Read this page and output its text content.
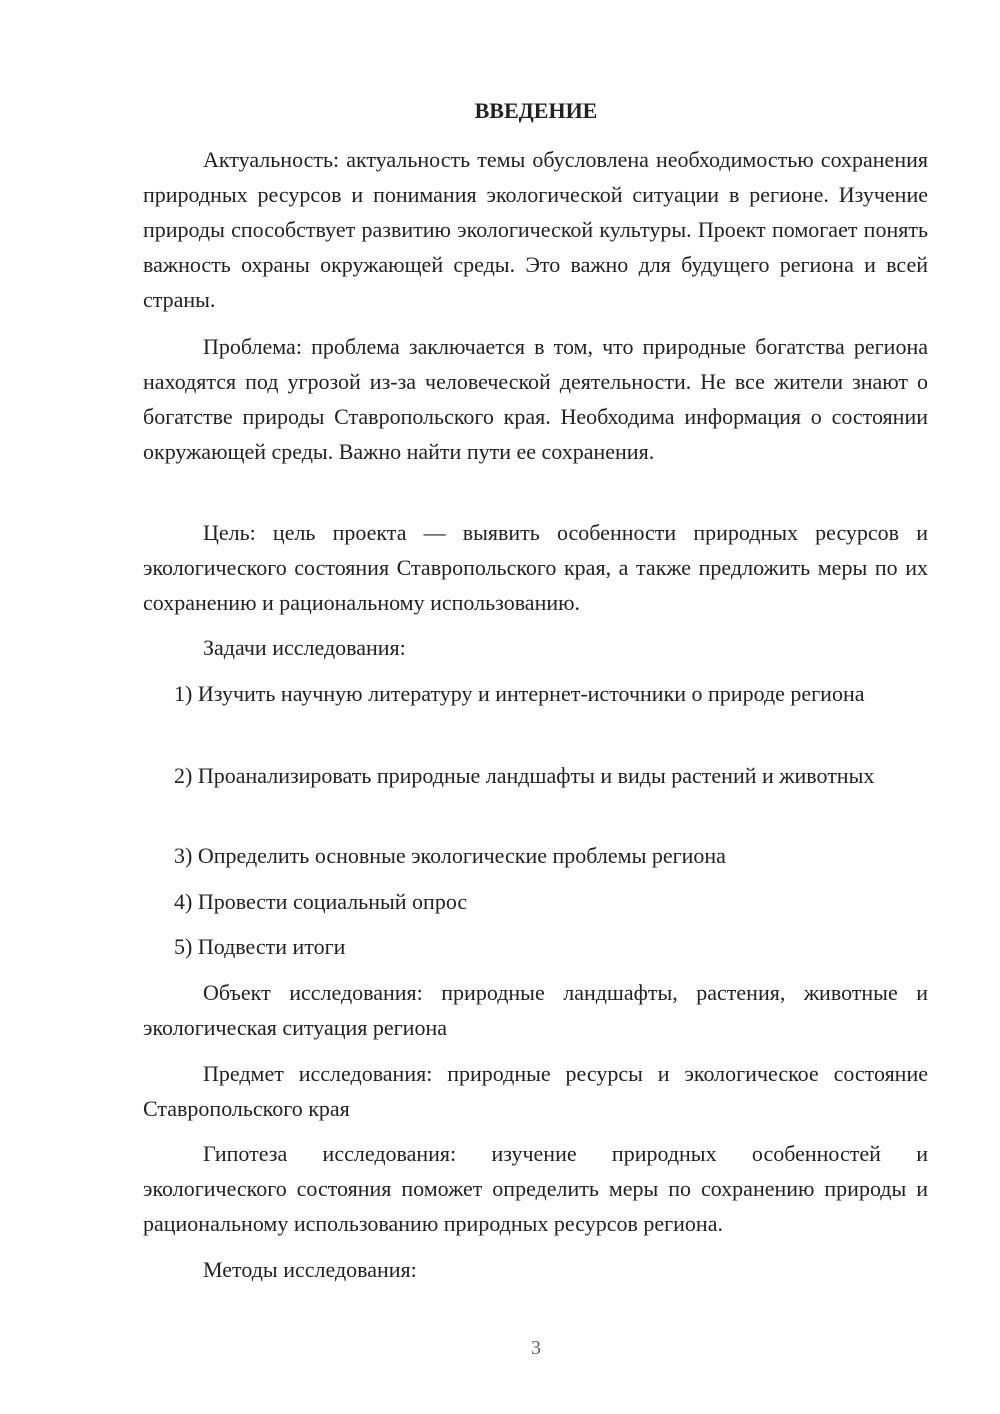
ВВЕДЕНИЕ

Актуальность: актуальность темы обусловлена необходимостью сохранения природных ресурсов и понимания экологической ситуации в регионе. Изучение природы способствует развитию экологической культуры. Проект помогает понять важность охраны окружающей среды. Это важно для будущего региона и всей страны.

Проблема: проблема заключается в том, что природные богатства региона находятся под угрозой из-за человеческой деятельности. Не все жители знают о богатстве природы Ставропольского края. Необходима информация о состоянии окружающей среды. Важно найти пути ее сохранения.

Цель: цель проекта — выявить особенности природных ресурсов и экологического состояния Ставропольского края, а также предложить меры по их сохранению и рациональному использованию.

Задачи исследования:

1) Изучить научную литературу и интернет-источники о природе региона

2) Проанализировать природные ландшафты и виды растений и животных

3) Определить основные экологические проблемы региона

4) Провести социальный опрос

5) Подвести итоги

Объект исследования: природные ландшафты, растения, животные и экологическая ситуация региона

Предмет исследования: природные ресурсы и экологическое состояние Ставропольского края

Гипотеза исследования: изучение природных особенностей и экологического состояния поможет определить меры по сохранению природы и рациональному использованию природных ресурсов региона.

Методы исследования:

3
